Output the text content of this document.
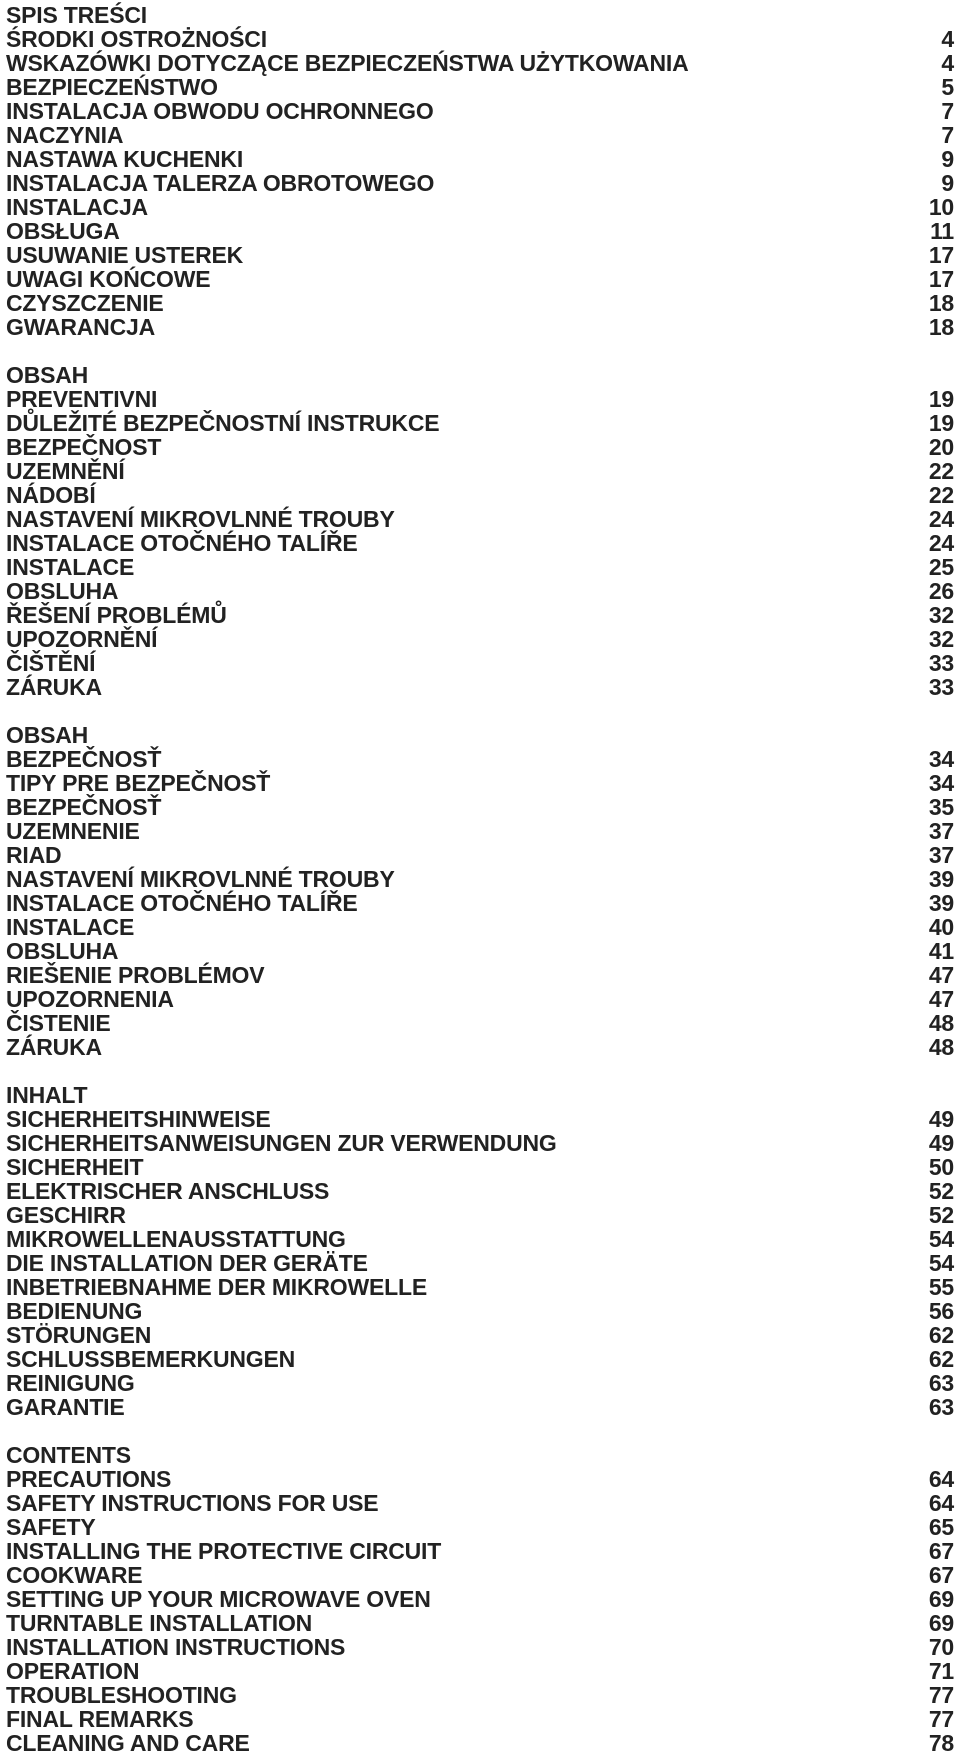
SPIS TREŚCI
ŚRODKI OSTROŻNOŚCI	4
WSKAZÓWKI DOTYCZĄCE BEZPIECZEŃSTWA UŻYTKOWANIA	4
BEZPIECZEŃSTWO	5
INSTALACJA OBWODU OCHRONNEGO	7
NACZYNIA	7
NASTAWA KUCHENKI	9
INSTALACJA TALERZA OBROTOWEGO	9
INSTALACJA	10
OBSŁUGA	11
USUWANIE USTEREK	17
UWAGI KOŃCOWE	17
CZYSZCZENIE	18
GWARANCJA	18
OBSAH
PREVENTIVNI	19
DŮLEŽITÉ BEZPEČNOSTNÍ INSTRUKCE	19
BEZPEČNOST	20
UZEMNĚNÍ	22
NÁDOBÍ	22
NASTAVENÍ MIKROVLNNÉ TROUBY	24
INSTALACE OTOČNÉHO TALÍŘE	24
INSTALACE	25
OBSLUHA	26
ŘEŠENÍ PROBLÉMŮ	32
UPOZORNĚNÍ	32
ČIŠTĚNÍ	33
ZÁRUKA	33
OBSAH
BEZPEČNOSŤ	34
TIPY PRE BEZPEČNOSŤ	34
BEZPEČNOSŤ	35
UZEMNENIE	37
RIAD	37
NASTAVENÍ MIKROVLNNÉ TROUBY	39
INSTALACE OTOČNÉHO TALÍŘE	39
INSTALACE	40
OBSLUHA	41
RIEŠENIE PROBLÉMOV	47
UPOZORNENIA	47
ČISTENIE	48
ZÁRUKA	48
INHALT
SICHERHEITSHINWEISE	49
SICHERHEITSANWEISUNGEN ZUR VERWENDUNG	49
SICHERHEIT	50
ELEKTRISCHER ANSCHLUSS	52
GESCHIRR	52
MIKROWELLENAUSSTATTUNG	54
DIE INSTALLATION DER GERÄTE	54
INBETRIEBNAHME DER MIKROWELLE	55
BEDIENUNG	56
STÖRUNGEN	62
SCHLUSSBEMERKUNGEN	62
REINIGUNG	63
GARANTIE	63
CONTENTS
PRECAUTIONS	64
SAFETY INSTRUCTIONS FOR USE	64
SAFETY	65
INSTALLING THE PROTECTIVE CIRCUIT	67
COOKWARE	67
SETTING UP YOUR MICROWAVE OVEN	69
TURNTABLE INSTALLATION	69
INSTALLATION INSTRUCTIONS	70
OPERATION	71
TROUBLESHOOTING	77
FINAL REMARKS	77
CLEANING AND CARE	78
